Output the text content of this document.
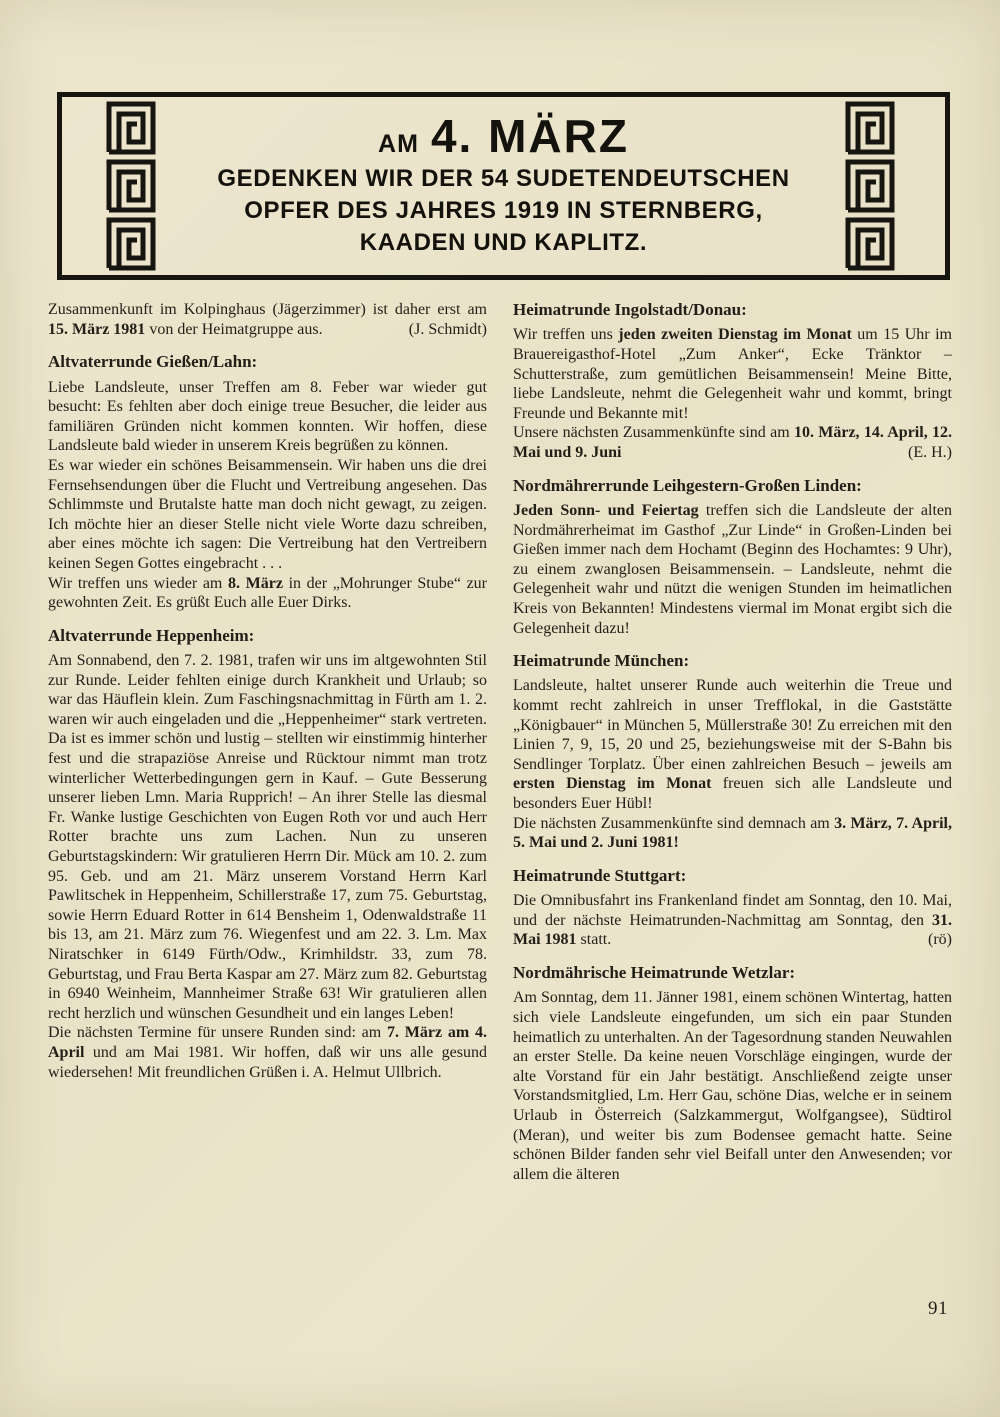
AM 4. MÄRZ
GEDENKEN WIR DER 54 SUDETENDEUTSCHEN
OPFER DES JAHRES 1919 IN STERNBERG,
KAADEN UND KAPLITZ.

Zusammenkunft im Kolpinghaus (Jägerzimmer) ist daher erst am 15. März 1981 von der Heimatgruppe aus.	(J. Schmidt)

Altvaterrunde Gießen/Lahn:

Liebe Landsleute, unser Treffen am 8. Feber war wieder gut besucht: Es fehlten aber doch einige treue Besucher, die leider aus familiären Gründen nicht kommen konnten. Wir hoffen, diese Landsleute bald wieder in unserem Kreis begrüßen zu können.

Es war wieder ein schönes Beisammensein. Wir haben uns die drei Fernsehsendungen über die Flucht und Vertreibung angesehen. Das Schlimmste und Brutalste hatte man doch nicht gewagt, zu zeigen. Ich möchte hier an dieser Stelle nicht viele Worte dazu schreiben, aber eines möchte ich sagen: Die Vertreibung hat den Vertreibern keinen Segen Gottes eingebracht . . .

Wir treffen uns wieder am 8. März in der „Mohrunger Stube“ zur gewohnten Zeit. Es grüßt Euch alle Euer Dirks.

Altvaterrunde Heppenheim:

Am Sonnabend, den 7. 2. 1981, trafen wir uns im altgewohnten Stil zur Runde. Leider fehlten einige durch Krankheit und Urlaub; so war das Häuflein klein. Zum Faschingsnachmittag in Fürth am 1. 2. waren wir auch eingeladen und die „Heppenheimer“ stark vertreten. Da ist es immer schön und lustig – stellten wir einstimmig hinterher fest und die strapaziöse Anreise und Rücktour nimmt man trotz winterlicher Wetterbedingungen gern in Kauf. – Gute Besserung unserer lieben Lmn. Maria Rupprich! – An ihrer Stelle las diesmal Fr. Wanke lustige Geschichten von Eugen Roth vor und auch Herr Rotter brachte uns zum Lachen. Nun zu unseren Geburtstagskindern: Wir gratulieren Herrn Dir. Mück am 10. 2. zum 95. Geb. und am 21. März unserem Vorstand Herrn Karl Pawlitschek in Heppenheim, Schillerstraße 17, zum 75. Geburtstag, sowie Herrn Eduard Rotter in 614 Bensheim 1, Odenwaldstraße 11 bis 13, am 21. März zum 76. Wiegenfest und am 22. 3. Lm. Max Niratschker in 6149 Fürth/Odw., Krimhildstr. 33, zum 78. Geburtstag, und Frau Berta Kaspar am 27. März zum 82. Geburtstag in 6940 Weinheim, Mannheimer Straße 63! Wir gratulieren allen recht herzlich und wünschen Gesundheit und ein langes Leben!

Die nächsten Termine für unsere Runden sind: am 7. März am 4. April und am Mai 1981. Wir hoffen, daß wir uns alle gesund wiedersehen! Mit freundlichen Grüßen i. A. Helmut Ullbrich.

Heimatrunde Ingolstadt/Donau:

Wir treffen uns jeden zweiten Dienstag im Monat um 15 Uhr im Brauereigasthof-Hotel „Zum Anker“, Ecke Tränktor – Schutterstraße, zum gemütlichen Beisammensein! Meine Bitte, liebe Landsleute, nehmt die Gelegenheit wahr und kommt, bringt Freunde und Bekannte mit!

Unsere nächsten Zusammenkünfte sind am 10. März, 14. April, 12. Mai und 9. Juni	(E. H.)

Nordmährerrunde Leihgestern-Großen Linden:

Jeden Sonn- und Feiertag treffen sich die Landsleute der alten Nordmährerheimat im Gasthof „Zur Linde“ in Großen-Linden bei Gießen immer nach dem Hochamt (Beginn des Hochamtes: 9 Uhr), zu einem zwanglosen Beisammensein. – Landsleute, nehmt die Gelegenheit wahr und nützt die wenigen Stunden im heimatlichen Kreis von Bekannten! Mindestens viermal im Monat ergibt sich die Gelegenheit dazu!

Heimatrunde München:

Landsleute, haltet unserer Runde auch weiterhin die Treue und kommt recht zahlreich in unser Trefflokal, in die Gaststätte „Königbauer“ in München 5, Müllerstraße 30! Zu erreichen mit den Linien 7, 9, 15, 20 und 25, beziehungsweise mit der S-Bahn bis Sendlinger Torplatz. Über einen zahlreichen Besuch – jeweils am ersten Dienstag im Monat freuen sich alle Landsleute und besonders Euer Hübl!

Die nächsten Zusammenkünfte sind demnach am 3. März, 7. April, 5. Mai und 2. Juni 1981!

Heimatrunde Stuttgart:

Die Omnibusfahrt ins Frankenland findet am Sonntag, den 10. Mai, und der nächste Heimatrunden-Nachmittag am Sonntag, den 31. Mai 1981 statt.	(rö)

Nordmährische Heimatrunde Wetzlar:

Am Sonntag, dem 11. Jänner 1981, einem schönen Wintertag, hatten sich viele Landsleute eingefunden, um sich ein paar Stunden heimatlich zu unterhalten. An der Tagesordnung standen Neuwahlen an erster Stelle. Da keine neuen Vorschläge eingingen, wurde der alte Vorstand für ein Jahr bestätigt. Anschließend zeigte unser Vorstandsmitglied, Lm. Herr Gau, schöne Dias, welche er in seinem Urlaub in Österreich (Salzkammergut, Wolfgangsee), Südtirol (Meran), und weiter bis zum Bodensee gemacht hatte. Seine schönen Bilder fanden sehr viel Beifall unter den Anwesenden; vor allem die älteren

91
